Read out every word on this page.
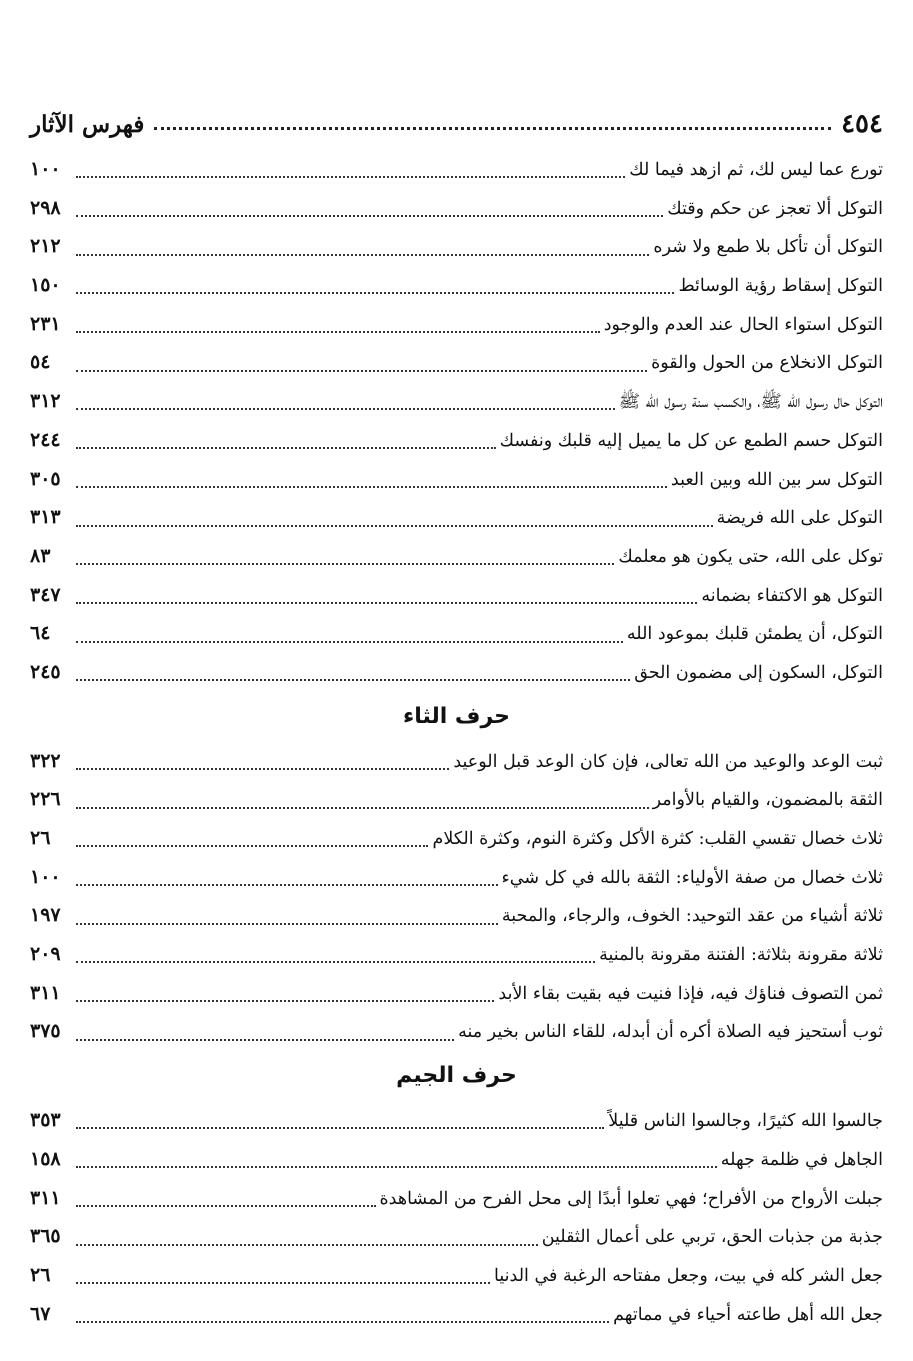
٤٥٤
فهرس الآثار
تورع عما ليس لك، ثم ازهد فيما لك
١٠٠
التوكل ألا تعجز عن حكم وقتك
٢٩٨
التوكل أن تأكل بلا طمع ولا شره
٢١٢
التوكل إسقاط رؤية الوسائط
١٥٠
التوكل استواء الحال عند العدم والوجود
٢٣١
التوكل الانخلاع من الحول والقوة
٥٤
التوكل حال رسول الله ﷺ، والكسب سنة رسول الله ﷺ
٣١٢
التوكل حسم الطمع عن كل ما يميل إليه قلبك ونفسك
٢٤٤
التوكل سر بين الله وبين العبد
٣٠٥
التوكل على الله فريضة
٣١٣
توكل على الله، حتى يكون هو معلمك
٨٣
التوكل هو الاكتفاء بضمانه
٣٤٧
التوكل، أن يطمئن قلبك بموعود الله
٦٤
التوكل، السكون إلى مضمون الحق
٢٤٥
حرف الثاء
ثبت الوعد والوعيد من الله تعالى، فإن كان الوعد قبل الوعيد
٣٢٢
الثقة بالمضمون، والقيام بالأوامر
٢٢٦
ثلاث خصال تقسي القلب: كثرة الأكل وكثرة النوم، وكثرة الكلام
٢٦
ثلاث خصال من صفة الأولياء: الثقة بالله في كل شيء
١٠٠
ثلاثة أشياء من عقد التوحيد: الخوف، والرجاء، والمحبة
١٩٧
ثلاثة مقرونة بثلاثة: الفتنة مقرونة بالمنية
٢٠٩
ثمن التصوف فناؤك فيه، فإذا فنيت فيه بقيت بقاء الأبد
٣١١
ثوب أستحيز فيه الصلاة أكره أن أبدله، للقاء الناس بخير منه
٣٧٥
حرف الجيم
جالسوا الله كثيرًا، وجالسوا الناس قليلاً
٣٥٣
الجاهل في ظلمة جهله
١٥٨
جبلت الأرواح من الأفراح؛ فهي تعلوا أبدًا إلى محل الفرح من المشاهدة
٣١١
جذبة من جذبات الحق، تربي على أعمال الثقلين
٣٦٥
جعل الشر كله في بيت، وجعل مفتاحه الرغبة في الدنيا
٢٦
جعل الله أهل طاعته أحياء في مماتهم
٦٧
